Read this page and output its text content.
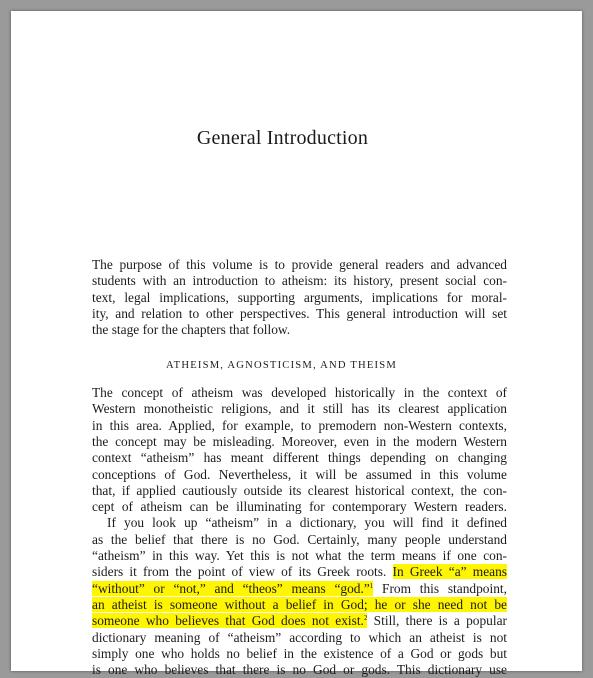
General Introduction
The purpose of this volume is to provide general readers and advanced
students with an introduction to atheism: its history, present social con-
text, legal implications, supporting arguments, implications for moral-
ity, and relation to other perspectives. This general introduction will set
the stage for the chapters that follow.
ATHEISM, AGNOSTICISM, AND THEISM
The concept of atheism was developed historically in the context of
Western monotheistic religions, and it still has its clearest application
in this area. Applied, for example, to premodern non-Western contexts,
the concept may be misleading. Moreover, even in the modern Western
context “atheism” has meant different things depending on changing
conceptions of God. Nevertheless, it will be assumed in this volume
that, if applied cautiously outside its clearest historical context, the con-
cept of atheism can be illuminating for contemporary Western readers.
If you look up “atheism” in a dictionary, you will find it defined
as the belief that there is no God. Certainly, many people understand
“atheism” in this way. Yet this is not what the term means if one con-
siders it from the point of view of its Greek roots. In Greek “a” means
“without” or “not,” and “theos” means “god.”$^1$ From this standpoint,
an atheist is someone without a belief in God; he or she need not be
someone who believes that God does not exist.$^2$ Still, there is a popular
dictionary meaning of “atheism” according to which an atheist is not
simply one who holds no belief in the existence of a God or gods but
is one who believes that there is no God or gods. This dictionary use
